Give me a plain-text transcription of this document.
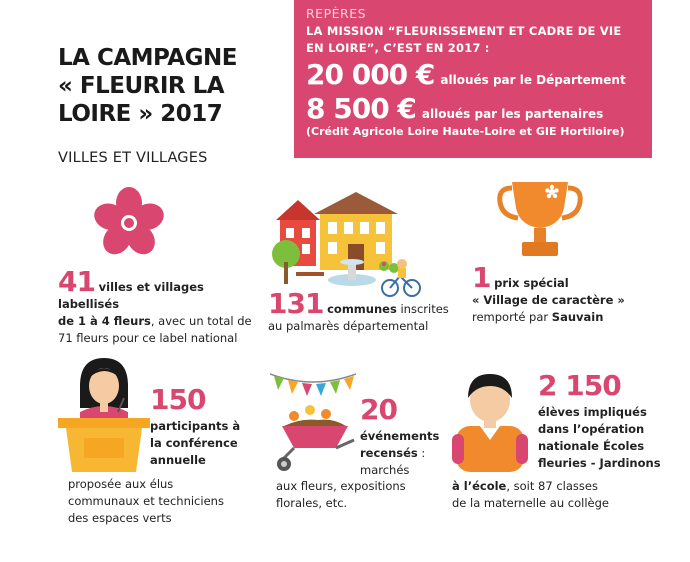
LA CAMPAGNE
« FLEURIR LA
LOIRE » 2017
VILLES ET VILLAGES
REPÈRES
LA MISSION “FLEURISSEMENT ET CADRE DE VIE
EN LOIRE”, C’EST EN 2017 :
20 000 € alloués par le Département
8 500 € alloués par les partenaires
(Crédit Agricole Loire Haute-Loire et GIE Hortiloire)
41 villes et villages labellisés
de 1 à 4 fleurs, avec un total de
71 fleurs pour ce label national
131 communes inscrites
au palmarès départemental
1 prix spécial
« Village de caractère »
remporté par Sauvain
150
participants à
la conférence
annuelle
proposée aux élus
communaux et techniciens
des espaces verts
20
événements
recensés :
marchés
aux fleurs, expositions
florales, etc.
2 150
élèves impliqués
dans l’opération
nationale Écoles
fleuries - Jardinons
à l’école, soit 87 classes
de la maternelle au collège
